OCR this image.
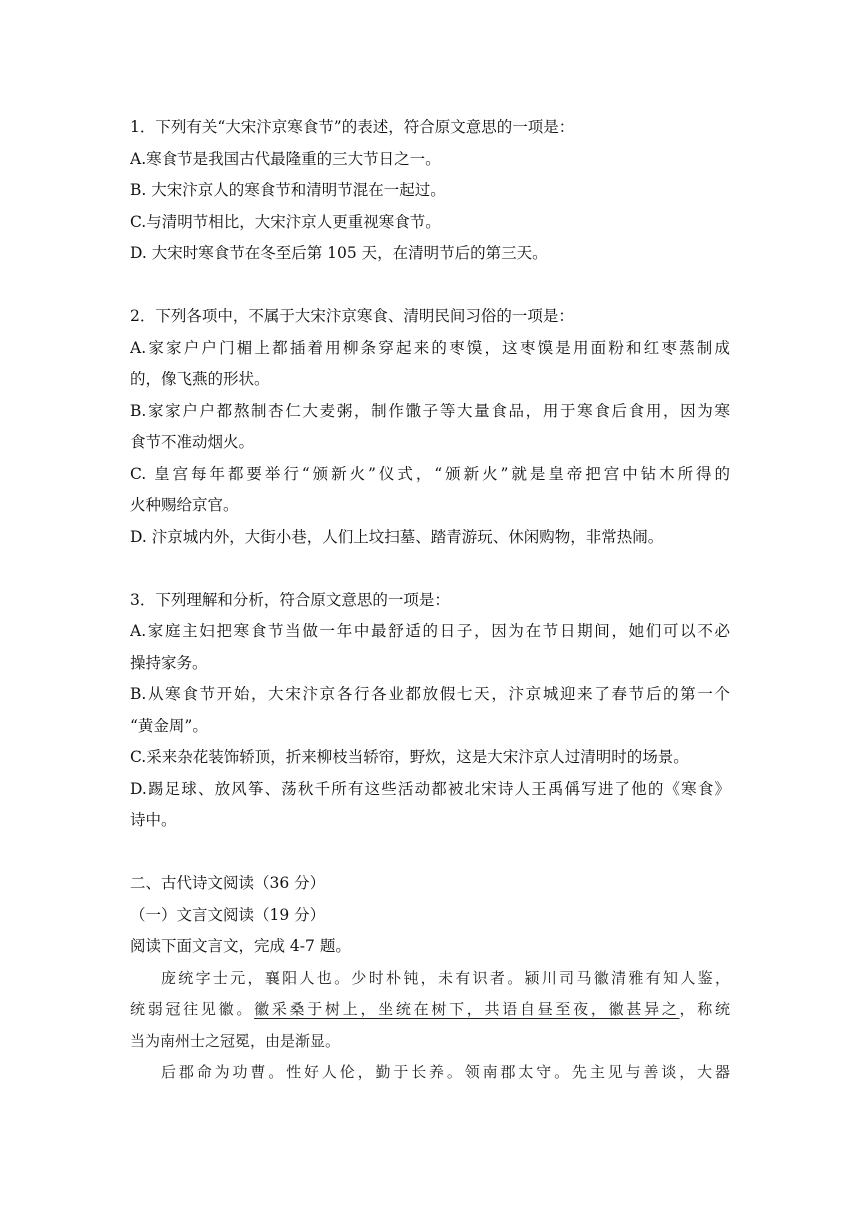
1．下列有关“大宋汴京寒食节”的表述，符合原文意思的一项是：
A.寒食节是我国古代最隆重的三大节日之一。
B. 大宋汴京人的寒食节和清明节混在一起过。
C.与清明节相比，大宋汴京人更重视寒食节。
D. 大宋时寒食节在冬至后第 105 天，在清明节后的第三天。
2．下列各项中，不属于大宋汴京寒食、清明民间习俗的一项是：
A.家家户户门楣上都插着用柳条穿起来的枣馍，这枣馍是用面粉和红枣蒸制成
的，像飞燕的形状。
B.家家户户都熬制杏仁大麦粥，制作馓子等大量食品，用于寒食后食用，因为寒
食节不准动烟火。
C. 皇宫每年都要举行“颁新火”仪式，“颁新火”就是皇帝把宫中钻木所得的
火种赐给京官。
D. 汴京城内外，大街小巷，人们上坟扫墓、踏青游玩、休闲购物，非常热闹。
3．下列理解和分析，符合原文意思的一项是：
A.家庭主妇把寒食节当做一年中最舒适的日子，因为在节日期间，她们可以不必
操持家务。
B.从寒食节开始，大宋汴京各行各业都放假七天，汴京城迎来了春节后的第一个
“黄金周”。
C.采来杂花装饰轿顶，折来柳枝当轿帘，野炊，这是大宋汴京人过清明时的场景。
D.踢足球、放风筝、荡秋千所有这些活动都被北宋诗人王禹偁写进了他的《寒食》
诗中。
二、古代诗文阅读（36 分）
（一）文言文阅读（19 分）
阅读下面文言文，完成 4-7 题。
庞统字士元，襄阳人也。少时朴钝，未有识者。颍川司马徽清雅有知人鉴，
统弱冠往见徽。徽采桑于树上，坐统在树下，共语自昼至夜，徽甚异之，称统
当为南州士之冠冕，由是渐显。
后郡命为功曹。性好人伦，勤于长养。领南郡太守。先主见与善谈，大器
